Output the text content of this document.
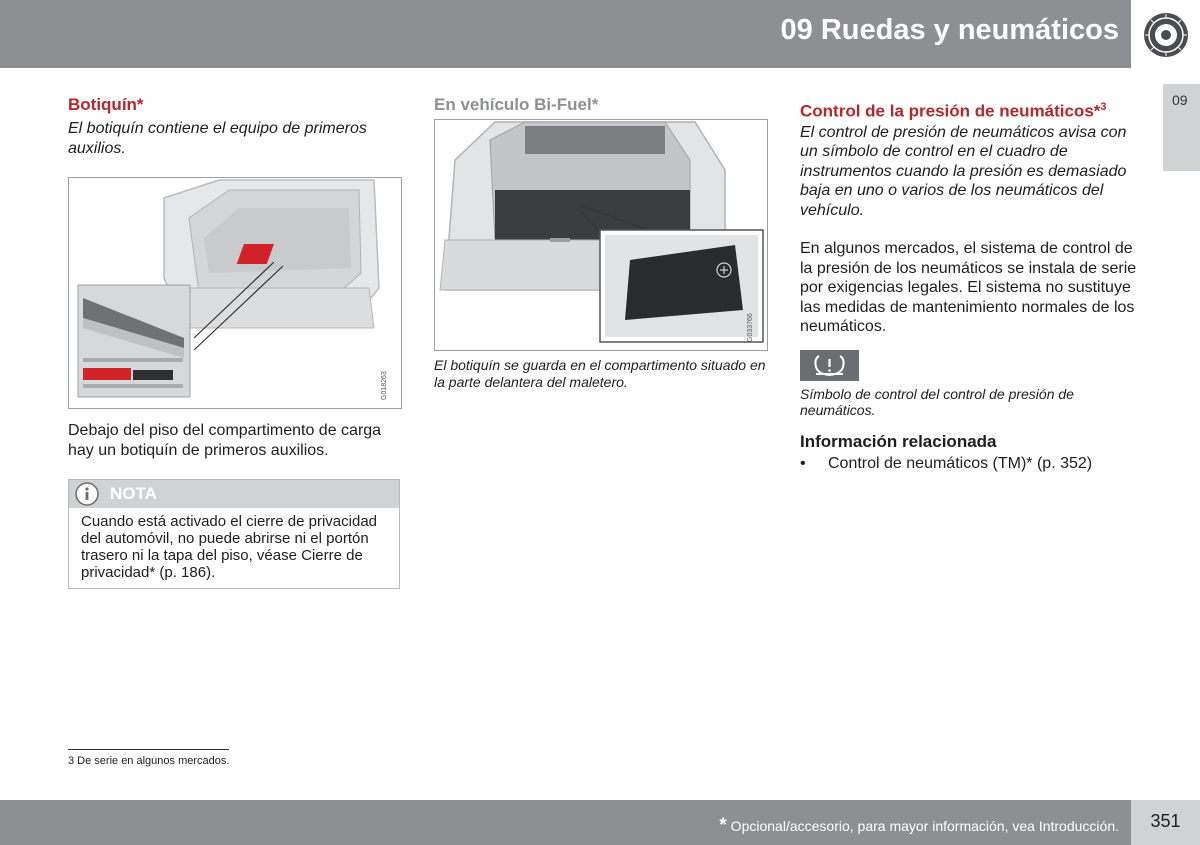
09 Ruedas y neumáticos
09
Botiquín*
El botiquín contiene el equipo de primeros auxilios.
G018263
Debajo del piso del compartimento de carga hay un botiquín de primeros auxilios.
NOTA
Cuando está activado el cierre de privacidad del automóvil, no puede abrirse ni el portón trasero ni la tapa del piso, véase Cierre de privacidad* (p. 186).
En vehículo Bi-Fuel*
G033766
El botiquín se guarda en el compartimento situado en la parte delantera del maletero.
Control de la presión de neumáticos*$^3$
El control de presión de neumáticos avisa con un símbolo de control en el cuadro de instrumentos cuando la presión es demasiado baja en uno o varios de los neumáticos del vehículo.
En algunos mercados, el sistema de control de la presión de los neumáticos se instala de serie por exigencias legales. El sistema no sustituye las medidas de mantenimiento normales de los neumáticos.
Símbolo de control del control de presión de neumáticos.
Información relacionada
• Control de neumáticos (TM)* (p. 352)
3 De serie en algunos mercados.
* Opcional/accesorio, para mayor información, vea Introducción.	351
